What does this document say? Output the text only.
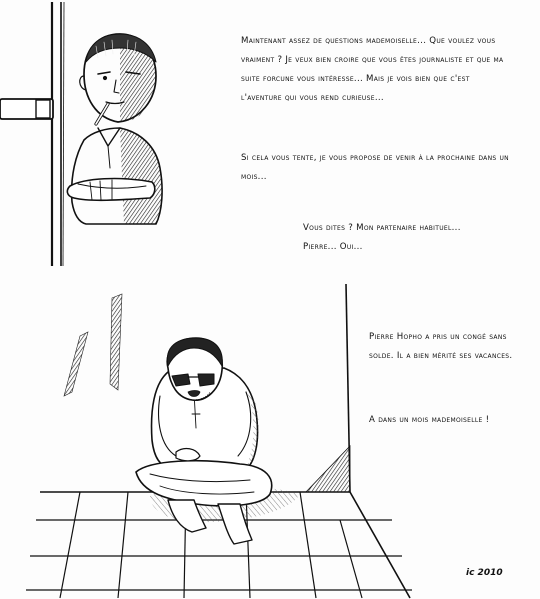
Maintenant assez de questions mademoiselle... Que voulez vous vraiment ? Je veux bien croire que vous êtes journaliste et que ma suite forcune vous intéresse... Mais je vois bien que c'est l'aventure qui vous rend curieuse...

Si cela vous tente, je vous propose de venir à la prochaine dans un mois...

Vous dites ? Mon partenaire habituel...

Pierre... Oui...

Pierre Hopho a pris un congé sans solde. Il a bien mérité ses vacances.

A dans un mois mademoiselle !

ic 2010
